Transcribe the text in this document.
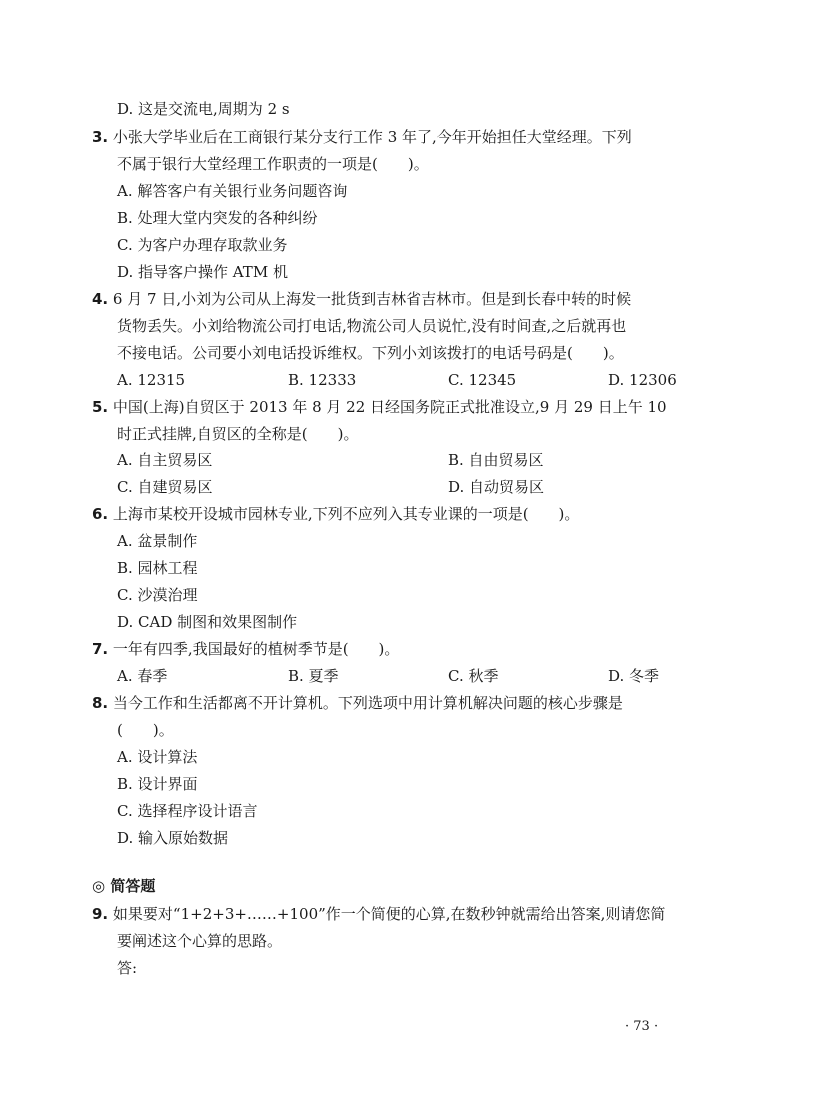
D. 这是交流电,周期为 2 s
3. 小张大学毕业后在工商银行某分支行工作 3 年了,今年开始担任大堂经理。下列
不属于银行大堂经理工作职责的一项是(　　)。
A. 解答客户有关银行业务问题咨询
B. 处理大堂内突发的各种纠纷
C. 为客户办理存取款业务
D. 指导客户操作 ATM 机
4. 6 月 7 日,小刘为公司从上海发一批货到吉林省吉林市。但是到长春中转的时候
货物丢失。小刘给物流公司打电话,物流公司人员说忙,没有时间查,之后就再也
不接电话。公司要小刘电话投诉维权。下列小刘该拨打的电话号码是(　　)。
A. 12315	B. 12333	C. 12345	D. 12306
5. 中国(上海)自贸区于 2013 年 8 月 22 日经国务院正式批准设立,9 月 29 日上午 10
时正式挂牌,自贸区的全称是(　　)。
A. 自主贸易区	B. 自由贸易区
C. 自建贸易区	D. 自动贸易区
6. 上海市某校开设城市园林专业,下列不应列入其专业课的一项是(　　)。
A. 盆景制作
B. 园林工程
C. 沙漠治理
D. CAD 制图和效果图制作
7. 一年有四季,我国最好的植树季节是(　　)。
A. 春季	B. 夏季	C. 秋季	D. 冬季
8. 当今工作和生活都离不开计算机。下列选项中用计算机解决问题的核心步骤是
(　　)。
A. 设计算法
B. 设计界面
C. 选择程序设计语言
D. 输入原始数据
◎ 简答题
9. 如果要对“1+2+3+……+100”作一个简便的心算,在数秒钟就需给出答案,则请您简
要阐述这个心算的思路。
答:
· 73 ·
